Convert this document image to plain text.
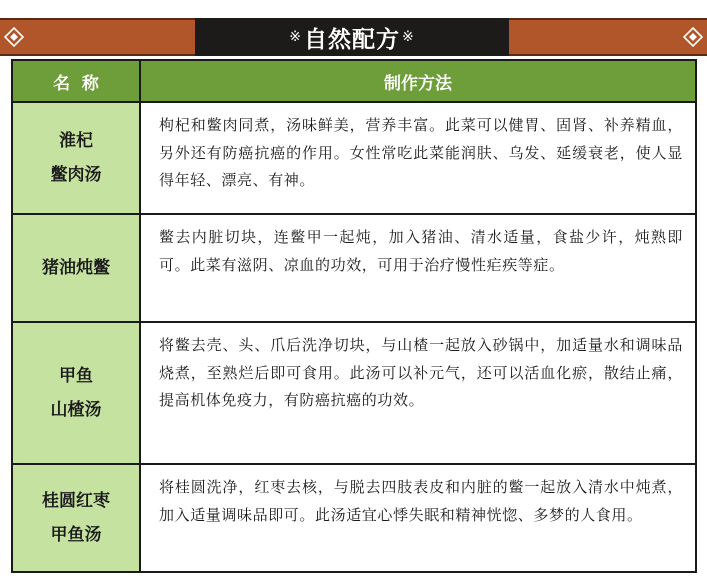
※ 自然配方 ※
名  称	制作方法
淮杞
鳖肉汤
枸杞和鳖肉同煮，汤味鲜美，营养丰富。此菜可以健胃、固肾、补养精血，另外还有防癌抗癌的作用。女性常吃此菜能润肤、乌发、延缓衰老，使人显得年轻、漂亮、有神。
猪油炖鳖
鳖去内脏切块，连鳖甲一起炖，加入猪油、清水适量，食盐少许，炖熟即可。此菜有滋阴、凉血的功效，可用于治疗慢性疟疾等症。
甲鱼
山楂汤
将鳖去壳、头、爪后洗净切块，与山楂一起放入砂锅中，加适量水和调味品烧煮，至熟烂后即可食用。此汤可以补元气，还可以活血化瘀，散结止痛，提高机体免疫力，有防癌抗癌的功效。
桂圆红枣
甲鱼汤
将桂圆洗净，红枣去核，与脱去四肢表皮和内脏的鳖一起放入清水中炖煮，加入适量调味品即可。此汤适宜心悸失眠和精神恍惚、多梦的人食用。
